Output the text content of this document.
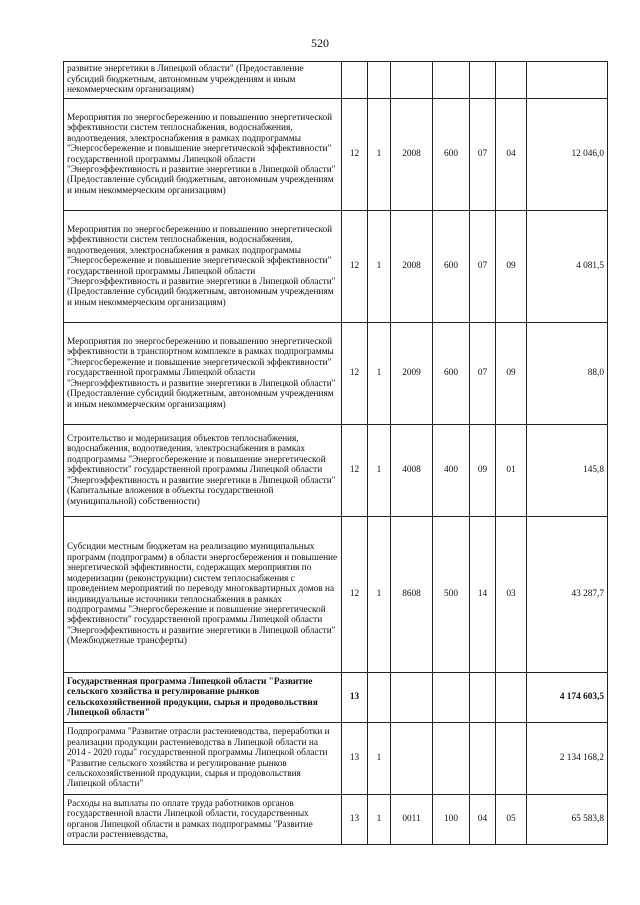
520
развитие энергетики в Липецкой области" (Предоставление субсидий бюджетным, автономным учреждениям и иным некоммерческим организациям)							
Мероприятия по энергосбережению и повышению энергетической эффективности систем теплоснабжения, водоснабжения, водоотведения, электроснабжения в рамках подпрограммы "Энергосбережение и повышение энергетической эффективности" государственной программы Липецкой области "Энергоэффективность и развитие энергетики в Липецкой области" (Предоставление субсидий бюджетным, автономным учреждениям и иным некоммерческим организациям)	12	1	2008	600	07	04	12 046,0
Мероприятия по энергосбережению и повышению энергетической эффективности систем теплоснабжения, водоснабжения, водоотведения, электроснабжения в рамках подпрограммы "Энергосбережение и повышение энергетической эффективности" государственной программы Липецкой области "Энергоэффективность и развитие энергетики в Липецкой области" (Предоставление субсидий бюджетным, автономным учреждениям и иным некоммерческим организациям)	12	1	2008	600	07	09	4 081,5
Мероприятия по энергосбережению и повышению энергетической эффективности в транспортном комплексе в рамках подпрограммы "Энергосбережение и повышение энергетической эффективности" государственной программы Липецкой области "Энергоэффективность и развитие энергетики в Липецкой области" (Предоставление субсидий бюджетным, автономным учреждениям и иным некоммерческим организациям)	12	1	2009	600	07	09	88,0
Строительство и модернизация объектов теплоснабжения, водоснабжения, водоотведения, электроснабжения в рамках подпрограммы "Энергосбережение и повышение энергетической эффективности" государственной программы Липецкой области "Энергоэффективность и развитие энергетики в Липецкой области" (Капитальные вложения в объекты государственной (муниципальной) собственности)	12	1	4008	400	09	01	145,8
Субсидии местным бюджетам на реализацию муниципальных программ (подпрограмм) в области энергосбережения и повышение энергетической эффективности, содержащих мероприятия по модернизации (реконструкции) систем теплоснабжения с проведением мероприятий по переводу многоквартирных домов на индивидуальные источники теплоснабжения в рамках подпрограммы "Энергосбережение и повышение энергетической эффективности" государственной программы Липецкой области "Энергоэффективность и развитие энергетики в Липецкой области" (Межбюджетные трансферты)	12	1	8608	500	14	03	43 287,7
Государственная программа Липецкой области "Развитие сельского хозяйства и регулирование рынков сельскохозяйственной продукции, сырья и продовольствия Липецкой области"	13						4 174 603,5
Подпрограмма "Развитие отрасли растениеводства, переработки и реализации продукции растениеводства в Липецкой области на 2014 - 2020 годы" государственной программы Липецкой области "Развитие сельского хозяйства и регулирование рынков сельскохозяйственной продукции, сырья и продовольствия Липецкой области"	13	1					2 134 168,2
Расходы на выплаты по оплате труда работников органов государственной власти Липецкой области, государственных органов Липецкой области в рамках подпрограммы "Развитие отрасли растениеводства,	13	1	0011	100	04	05	65 583,8
